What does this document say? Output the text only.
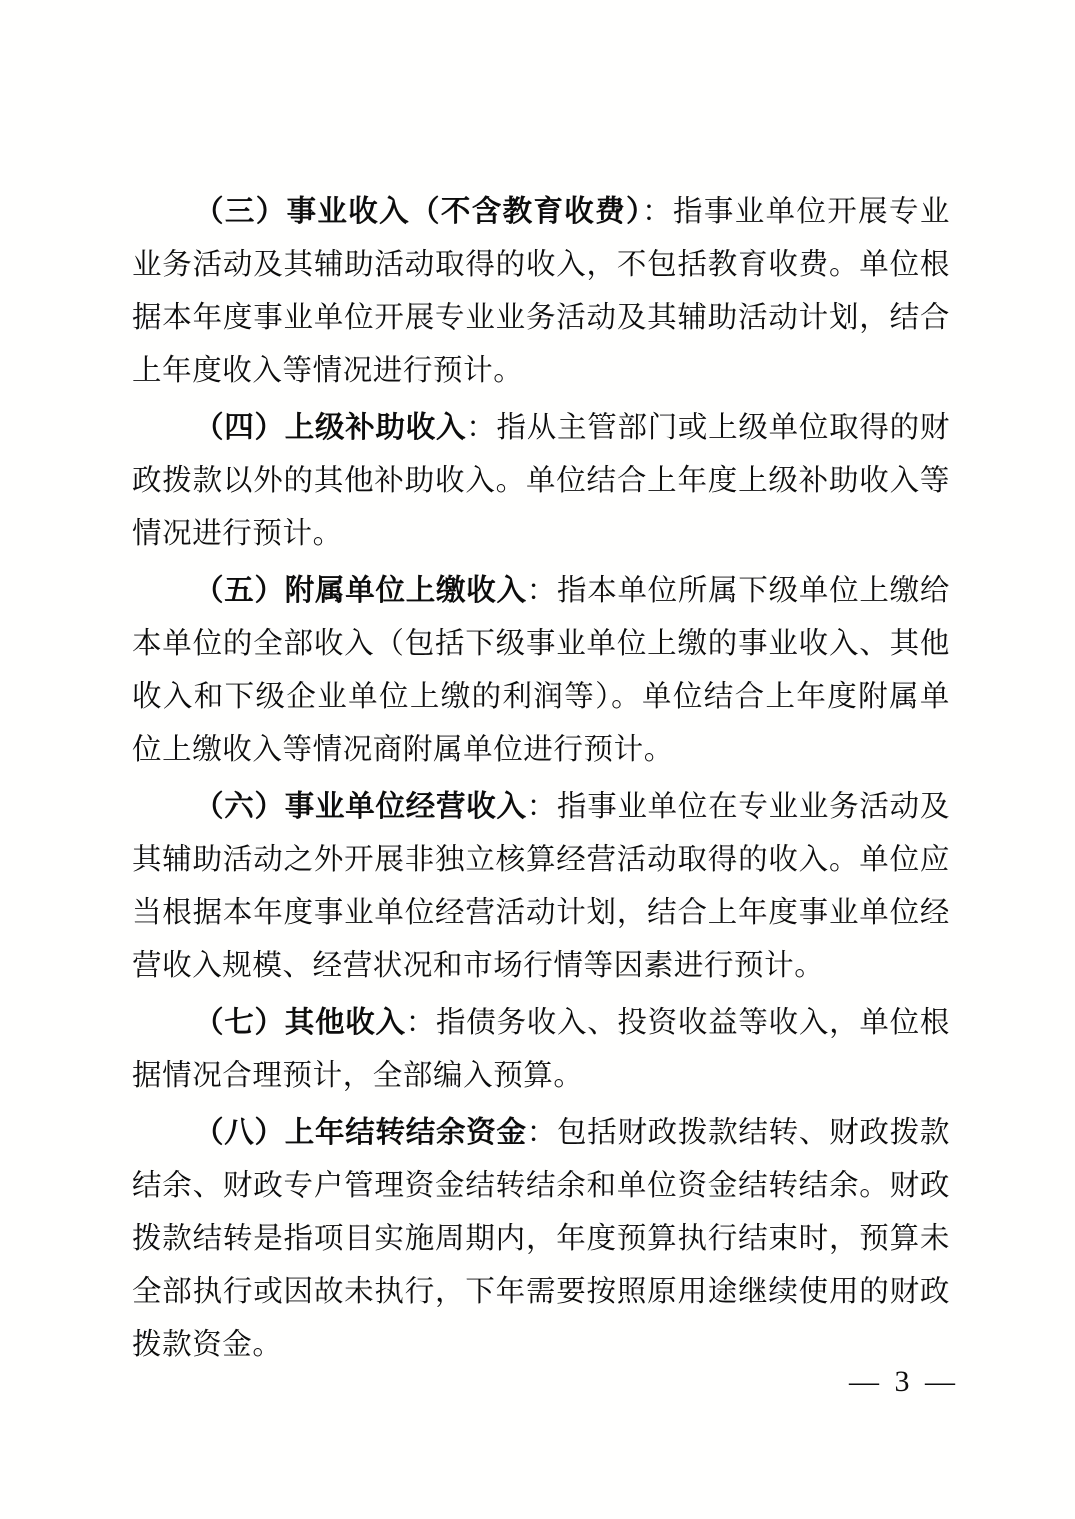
（三）事业收入（不含教育收费）：指事业单位开展专业业务活动及其辅助活动取得的收入，不包括教育收费。单位根据本年度事业单位开展专业业务活动及其辅助活动计划，结合上年度收入等情况进行预计。

（四）上级补助收入：指从主管部门或上级单位取得的财政拨款以外的其他补助收入。单位结合上年度上级补助收入等情况进行预计。

（五）附属单位上缴收入：指本单位所属下级单位上缴给本单位的全部收入（包括下级事业单位上缴的事业收入、其他收入和下级企业单位上缴的利润等）。单位结合上年度附属单位上缴收入等情况商附属单位进行预计。

（六）事业单位经营收入：指事业单位在专业业务活动及其辅助活动之外开展非独立核算经营活动取得的收入。单位应当根据本年度事业单位经营活动计划，结合上年度事业单位经营收入规模、经营状况和市场行情等因素进行预计。

（七）其他收入：指债务收入、投资收益等收入，单位根据情况合理预计，全部编入预算。

（八）上年结转结余资金：包括财政拨款结转、财政拨款结余、财政专户管理资金结转结余和单位资金结转结余。财政拨款结转是指项目实施周期内，年度预算执行结束时，预算未全部执行或因故未执行，下年需要按照原用途继续使用的财政拨款资金。

— 3 —
